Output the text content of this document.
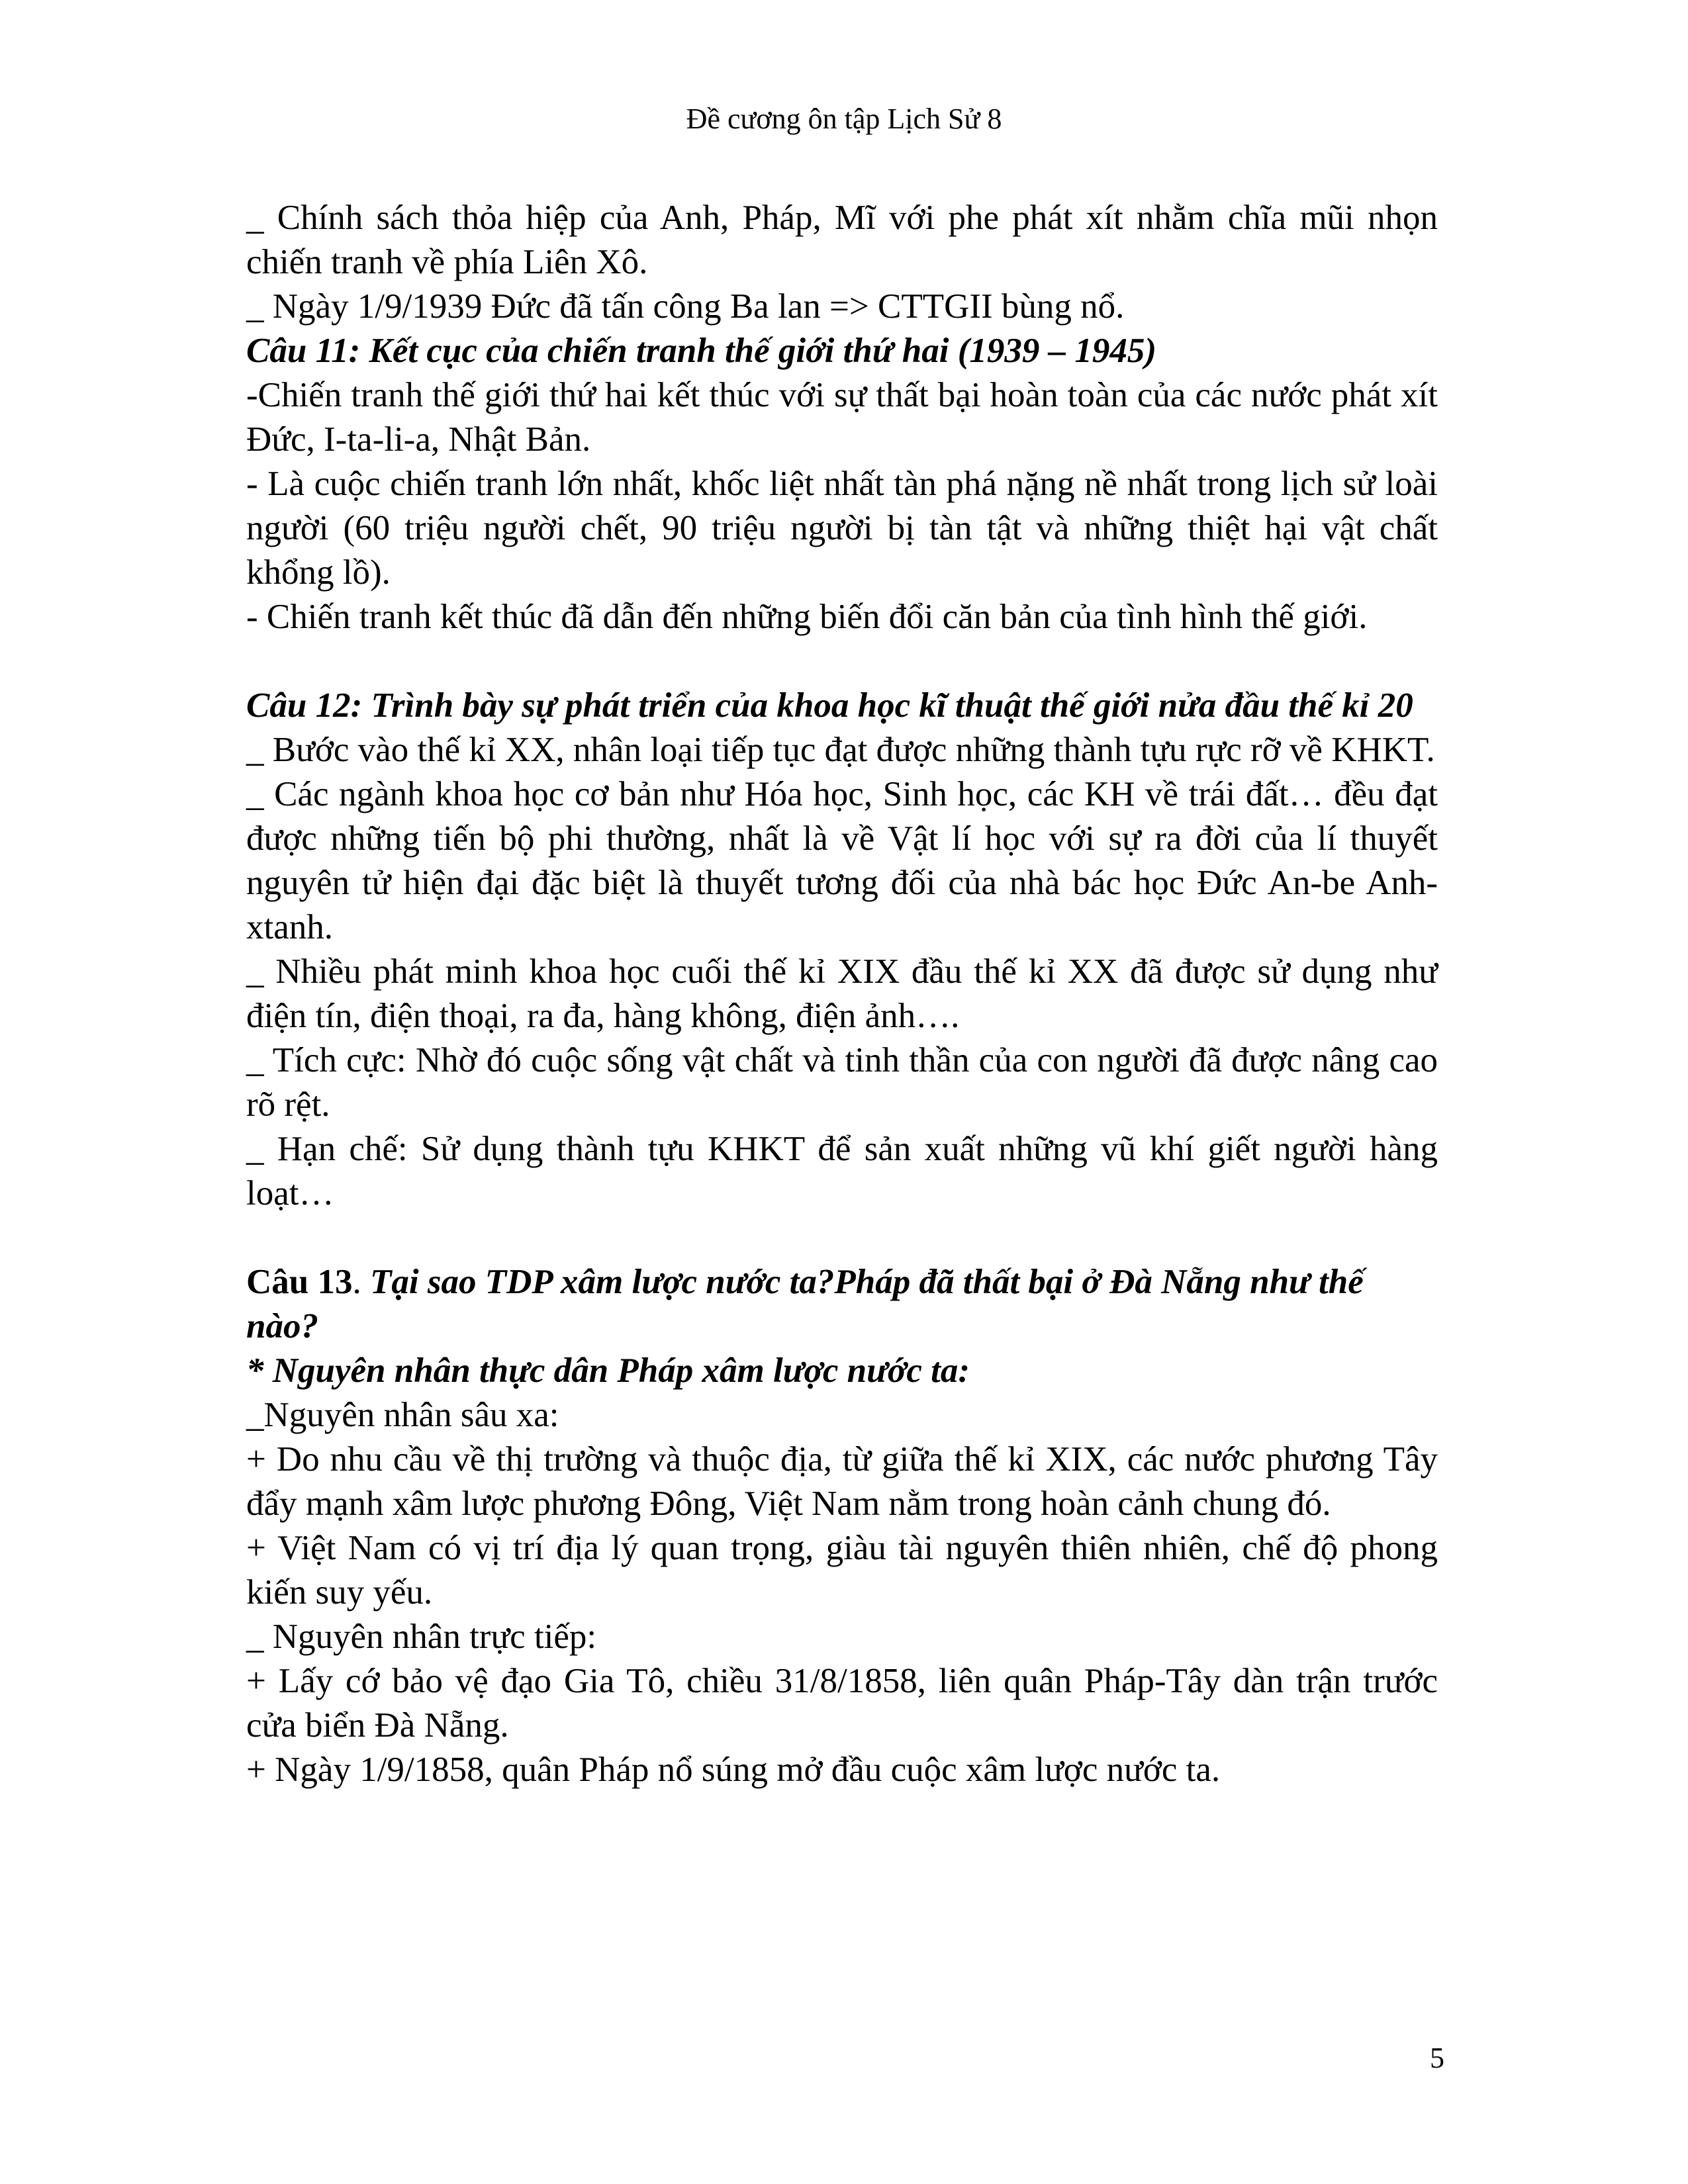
Đề cương ôn tập Lịch Sử 8

_ Chính sách thỏa hiệp của Anh, Pháp, Mĩ với phe phát xít nhằm chĩa mũi nhọn chiến tranh về phía Liên Xô.

_ Ngày 1/9/1939 Đức đã tấn công Ba lan => CTTGII bùng nổ.

Câu 11: Kết cục của chiến tranh thế giới thứ hai (1939 – 1945)

-Chiến tranh thế giới thứ hai kết thúc với sự thất bại hoàn toàn của các nước phát xít Đức, I-ta-li-a, Nhật Bản.

- Là cuộc chiến tranh lớn nhất, khốc liệt nhất tàn phá nặng nề nhất trong lịch sử loài người (60 triệu người chết, 90 triệu người bị tàn tật và những thiệt hại vật chất khổng lồ).

- Chiến tranh kết thúc đã dẫn đến những biến đổi căn bản của tình hình thế giới.

Câu 12: Trình bày sự phát triển của khoa học kĩ thuật thế giới nửa đầu thế kỉ 20

_ Bước vào thế kỉ XX, nhân loại tiếp tục đạt được những thành tựu rực rỡ về KHKT.

_ Các ngành khoa học cơ bản như Hóa học, Sinh học, các KH về trái đất… đều đạt được những tiến bộ phi thường, nhất là về Vật lí học với sự ra đời của lí thuyết nguyên tử hiện đại đặc biệt là thuyết tương đối của nhà bác học Đức An-be Anh-xtanh.

_ Nhiều phát minh khoa học cuối thế kỉ XIX đầu thế kỉ XX đã được sử dụng như điện tín, điện thoại, ra đa, hàng không, điện ảnh….

_ Tích cực: Nhờ đó cuộc sống vật chất và tinh thần của con người đã được nâng cao rõ rệt.

_ Hạn chế: Sử dụng thành tựu KHKT để sản xuất những vũ khí giết người hàng loạt…

Câu 13. Tại sao TDP xâm lược nước ta?Pháp đã thất bại ở Đà Nẵng như thế nào?

* Nguyên nhân thực dân Pháp xâm lược nước ta:

_Nguyên nhân sâu xa:

+ Do nhu cầu về thị trường và thuộc địa, từ giữa thế kỉ XIX, các nước phương Tây đẩy mạnh xâm lược phương Đông, Việt Nam nằm trong hoàn cảnh chung đó.

+ Việt Nam có vị trí địa lý quan trọng, giàu tài nguyên thiên nhiên, chế độ phong kiến suy yếu.

_ Nguyên nhân trực tiếp:

+ Lấy cớ bảo vệ đạo Gia Tô, chiều 31/8/1858, liên quân Pháp-Tây dàn trận trước cửa biển Đà Nẵng.

+ Ngày 1/9/1858, quân Pháp nổ súng mở đầu cuộc xâm lược nước ta.

5
